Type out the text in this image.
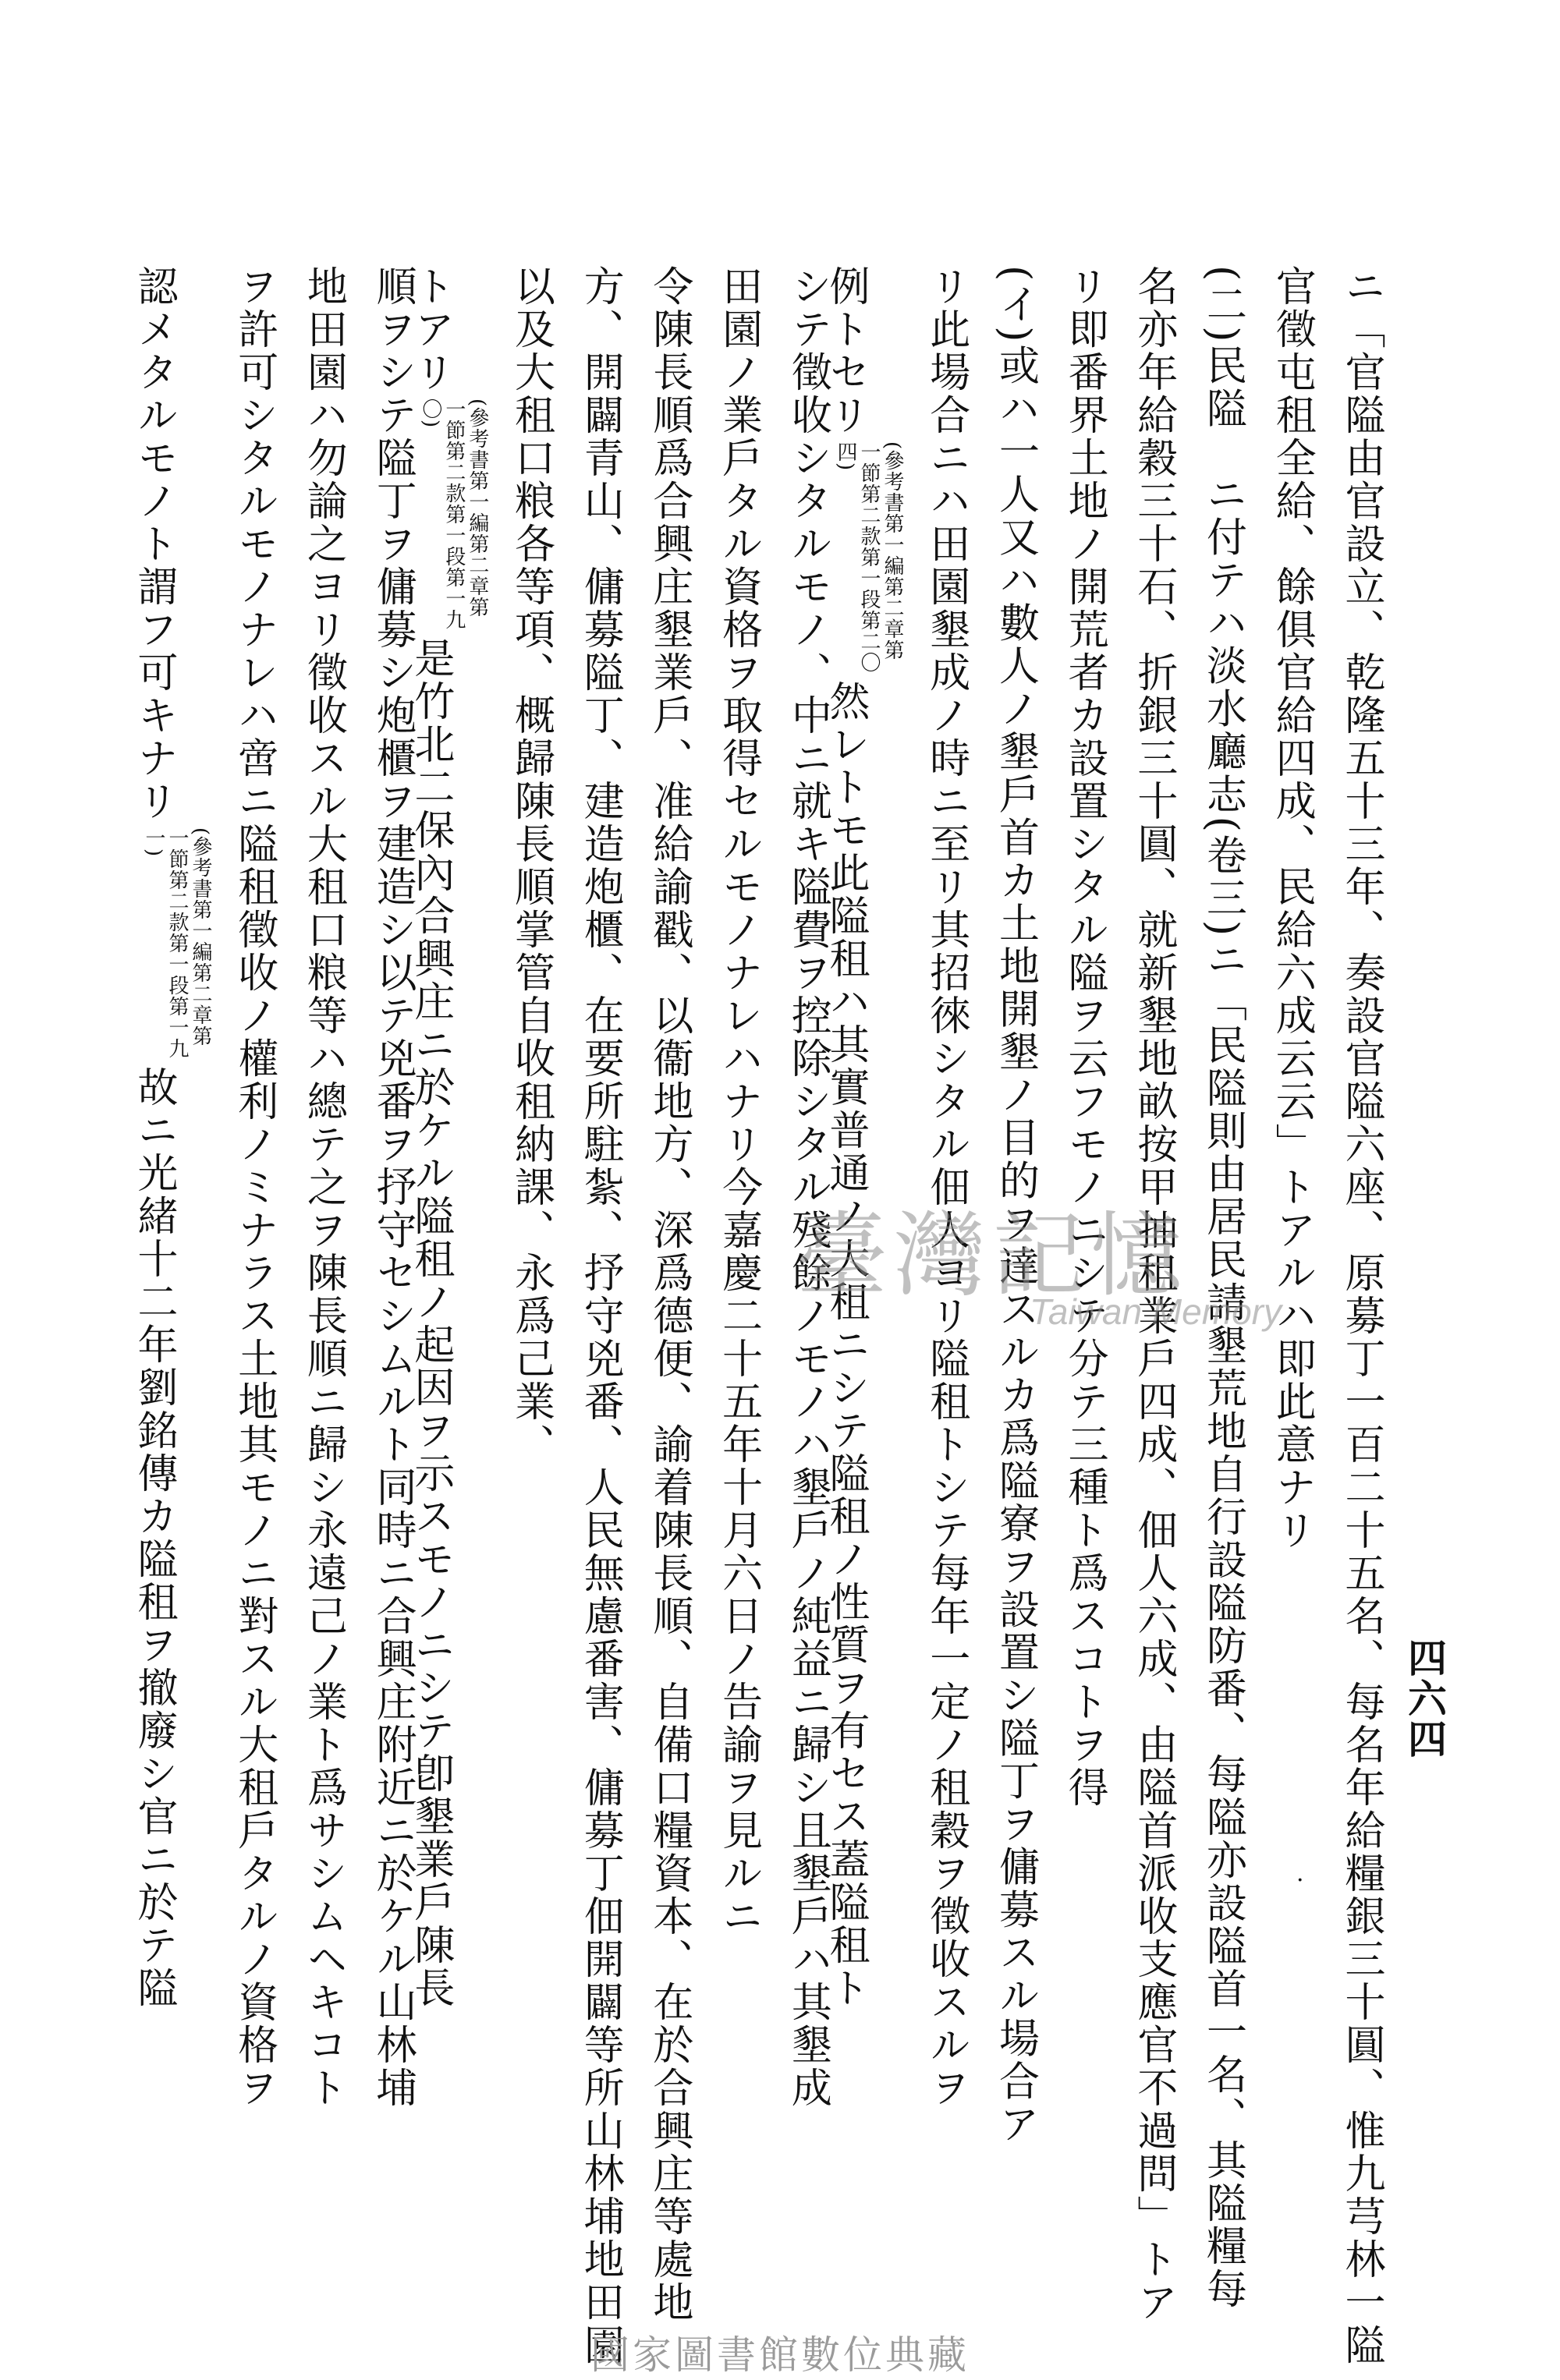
四六四
· ニ「官隘由官設立、乾隆五十三年、奏設官隘六座、原募丁一百二十五名、每名年給糧銀三十圓、惟九芎林一隘
官徵屯租全給、餘俱官給四成、民給六成云云」トアルハ即此意ナリ
(二)民隘　ニ付テハ淡水廳志(卷三)ニ「民隘則由居民請墾荒地自行設隘防番、每隘亦設隘首一名、其隘糧每
名亦年給穀三十石、折銀三十圓、就新墾地畝按甲抽租業戶四成、佃人六成、由隘首派收支應官不過問」トア
リ即番界土地ノ開荒者カ設置シタル隘ヲ云フモノニシテ分テ三種ト爲スコトヲ得
(イ)或ハ一人又ハ數人ノ墾戶首カ土地開墾ノ目的ヲ達スルカ爲隘寮ヲ設置シ隘丁ヲ傭募スル場合ア
リ此場合ニハ田園墾成ノ時ニ至リ其招徠シタル佃人ヨリ隘租トシテ每年一定ノ租穀ヲ徵收スルヲ
例トセリ(參考書第一編第二章第一節第二款第一段第二〇四)然レトモ此隘租ハ其實普通ノ大租ニシテ隘租ノ性質ヲ有セス蓋隘租ト
シテ徵收シタルモノ、中ニ就キ隘費ヲ控除シタル殘餘ノモノハ墾戶ノ純益ニ歸シ且墾戶ハ其墾成
田園ノ業戶タル資格ヲ取得セルモノナレハナリ今嘉慶二十五年十月六日ノ告諭ヲ見ルニ
令陳長順爲合興庄墾業戶、准給諭戳、以衞地方、深爲德便、諭着陳長順、自備口糧資本、在於合興庄等處地
方、開闢青山、傭募隘丁、建造炮櫃、在要所駐紮、抒守兇番、人民無慮番害、傭募丁佃開闢等所山林埔地田園
以及大租口粮各等項、概歸陳長順掌管自收租納課、永爲己業、
トアリ(參考書第一編第二章第一節第二款第一段第一九〇)是竹北二保內合興庄ニ於ケル隘租ノ起因ヲ示スモノニシテ卽墾業戶陳長
順ヲシテ隘丁ヲ傭募シ炮櫃ヲ建造シ以テ兇番ヲ抒守セシムルト同時ニ合興庄附近ニ於ケル山林埔
地田園ハ勿論之ヨリ徵收スル大租口粮等ハ總テ之ヲ陳長順ニ歸シ永遠己ノ業ト爲サシムヘキコト
ヲ許可シタルモノナレハ啻ニ隘租徵收ノ權利ノミナラス土地其モノニ對スル大租戶タルノ資格ヲ
認メタルモノト謂フ可キナリ(參考書第一編第二章第一節第二款第一段第一九一)故ニ光緒十二年劉銘傳カ隘租ヲ撤廢シ官ニ於テ隘	臺灣記憶
Taiwan Memory
國家圖書館數位典藏
